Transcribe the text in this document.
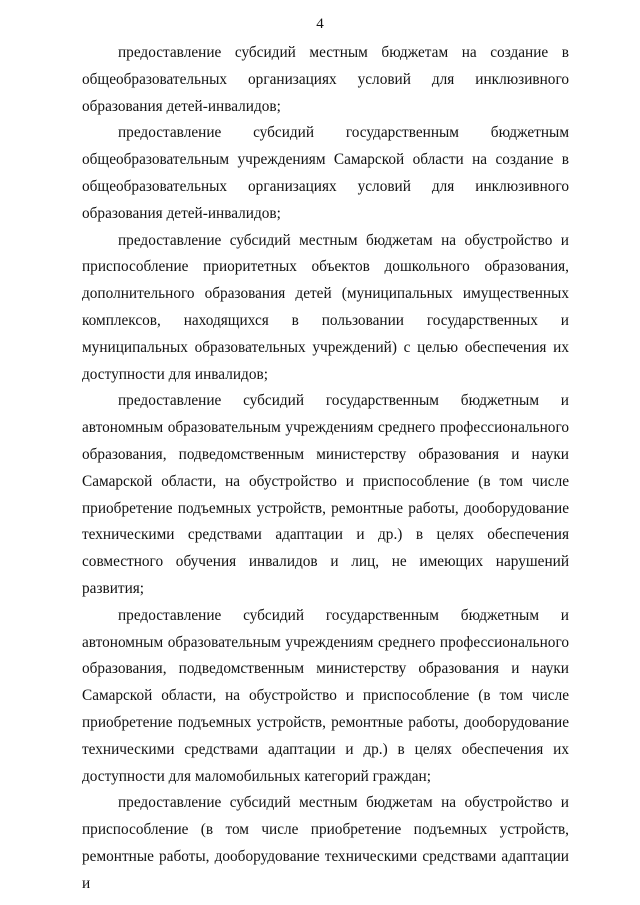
4
предоставление субсидий местным бюджетам на создание в
общеобразовательных организациях условий для инклюзивного
образования детей-инвалидов;
предоставление субсидий государственным бюджетным
общеобразовательным учреждениям Самарской области на создание в
общеобразовательных организациях условий для инклюзивного
образования детей-инвалидов;
предоставление субсидий местным бюджетам на обустройство и
приспособление приоритетных объектов дошкольного образования,
дополнительного образования детей (муниципальных имущественных
комплексов, находящихся в пользовании государственных и
муниципальных образовательных учреждений) с целью обеспечения их
доступности для инвалидов;
предоставление субсидий государственным бюджетным и
автономным образовательным учреждениям среднего профессионального
образования, подведомственным министерству образования и науки
Самарской области, на обустройство и приспособление (в том числе
приобретение подъемных устройств, ремонтные работы, дооборудование
техническими средствами адаптации и др.) в целях обеспечения
совместного обучения инвалидов и лиц, не имеющих нарушений развития;
предоставление субсидий государственным бюджетным и
автономным образовательным учреждениям среднего профессионального
образования, подведомственным министерству образования и науки
Самарской области, на обустройство и приспособление (в том числе
приобретение подъемных устройств, ремонтные работы, дооборудование
техническими средствами адаптации и др.) в целях обеспечения их
доступности для маломобильных категорий граждан;
предоставление субсидий местным бюджетам на обустройство и
приспособление (в том числе приобретение подъемных устройств,
ремонтные работы, дооборудование техническими средствами адаптации и
